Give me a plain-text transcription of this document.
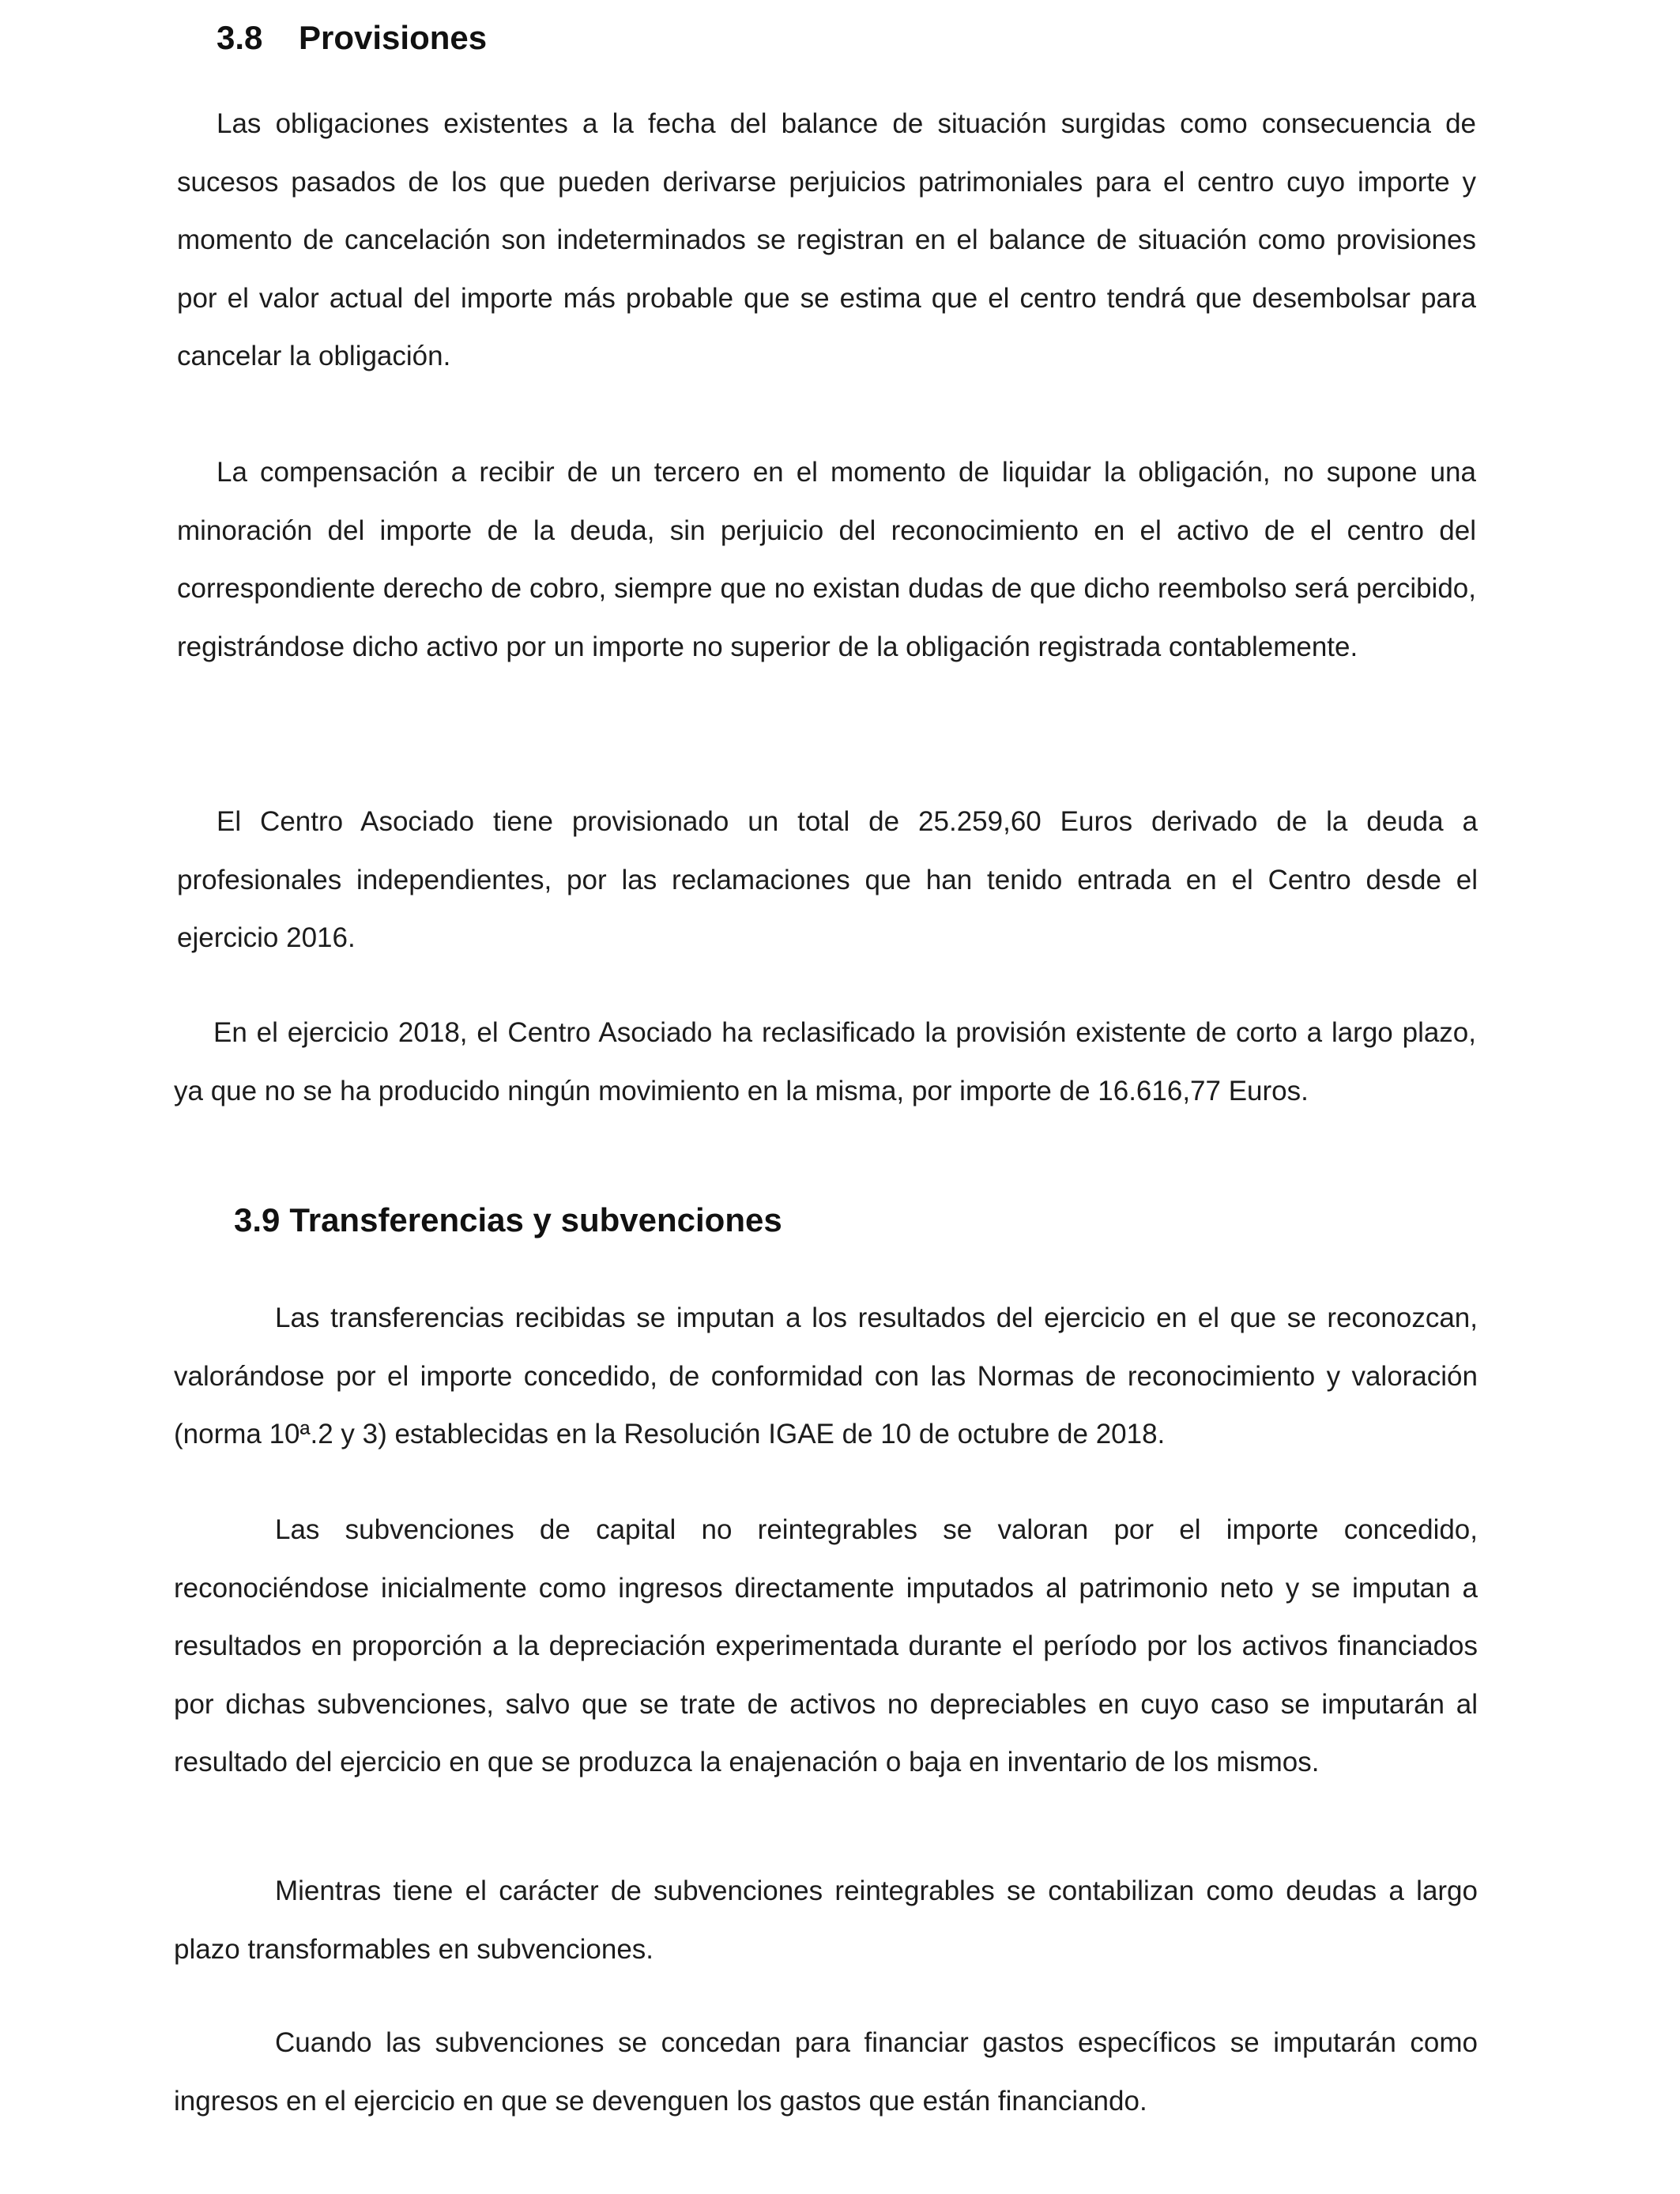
3.8 Provisiones

Las obligaciones existentes a la fecha del balance de situación surgidas como consecuencia de sucesos pasados de los que pueden derivarse perjuicios patrimoniales para el centro cuyo importe y momento de cancelación son indeterminados se registran en el balance de situación como provisiones por el valor actual del importe más probable que se estima que el centro tendrá que desembolsar para cancelar la obligación.

La compensación a recibir de un tercero en el momento de liquidar la obligación, no supone una minoración del importe de la deuda, sin perjuicio del reconocimiento en el activo de el centro del correspondiente derecho de cobro, siempre que no existan dudas de que dicho reembolso será percibido, registrándose dicho activo por un importe no superior de la obligación registrada contablemente.

El Centro Asociado tiene provisionado un total de 25.259,60 Euros derivado de la deuda a profesionales independientes, por las reclamaciones que han tenido entrada en el Centro desde el ejercicio 2016.

En el ejercicio 2018, el Centro Asociado ha reclasificado la provisión existente de corto a largo plazo, ya que no se ha producido ningún movimiento en la misma, por importe de 16.616,77 Euros.

3.9 Transferencias y subvenciones

Las transferencias recibidas se imputan a los resultados del ejercicio en el que se reconozcan, valorándose por el importe concedido, de conformidad con las Normas de reconocimiento y valoración (norma 10ª.2 y 3) establecidas en la Resolución IGAE de 10 de octubre de 2018.

Las subvenciones de capital no reintegrables se valoran por el importe concedido, reconociéndose inicialmente como ingresos directamente imputados al patrimonio neto y se imputan a resultados en proporción a la depreciación experimentada durante el período por los activos financiados por dichas subvenciones, salvo que se trate de activos no depreciables en cuyo caso se imputarán al resultado del ejercicio en que se produzca la enajenación o baja en inventario de los mismos.

Mientras tiene el carácter de subvenciones reintegrables se contabilizan como deudas a largo plazo transformables en subvenciones.

Cuando las subvenciones se concedan para financiar gastos específicos se imputarán como ingresos en el ejercicio en que se devenguen los gastos que están financiando.
